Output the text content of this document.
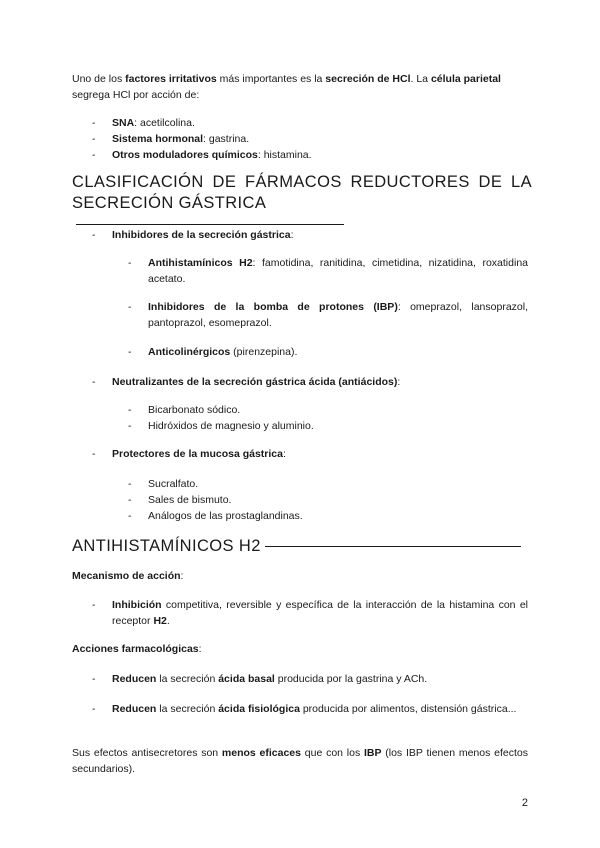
Uno de los factores irritativos más importantes es la secreción de HCl. La célula parietal segrega HCl por acción de:

- SNA: acetilcolina.
- Sistema hormonal: gastrina.
- Otros moduladores químicos: histamina.
CLASIFICACIÓN DE FÁRMACOS REDUCTORES DE LA
SECRECIÓN GÁSTRICA
- Inhibidores de la secreción gástrica:
- Antihistamínicos H2: famotidina, ranitidina, cimetidina, nizatidina, roxatidina acetato.
- Inhibidores de la bomba de protones (IBP): omeprazol, lansoprazol, pantoprazol, esomeprazol.
- Anticolinérgicos (pirenzepina).
- Neutralizantes de la secreción gástrica ácida (antiácidos):
- Bicarbonato sódico.
- Hidróxidos de magnesio y aluminio.
- Protectores de la mucosa gástrica:
- Sucralfato.
- Sales de bismuto.
- Análogos de las prostaglandinas.
ANTIHISTAMÍNICOS H2

Mecanismo de acción:

- Inhibición competitiva, reversible y específica de la interacción de la histamina con el receptor H2.

Acciones farmacológicas:

- Reducen la secreción ácida basal producida por la gastrina y ACh.
- Reducen la secreción ácida fisiológica producida por alimentos, distensión gástrica...

Sus efectos antisecretores son menos eficaces que con los IBP (los IBP tienen menos efectos secundarios).

2
